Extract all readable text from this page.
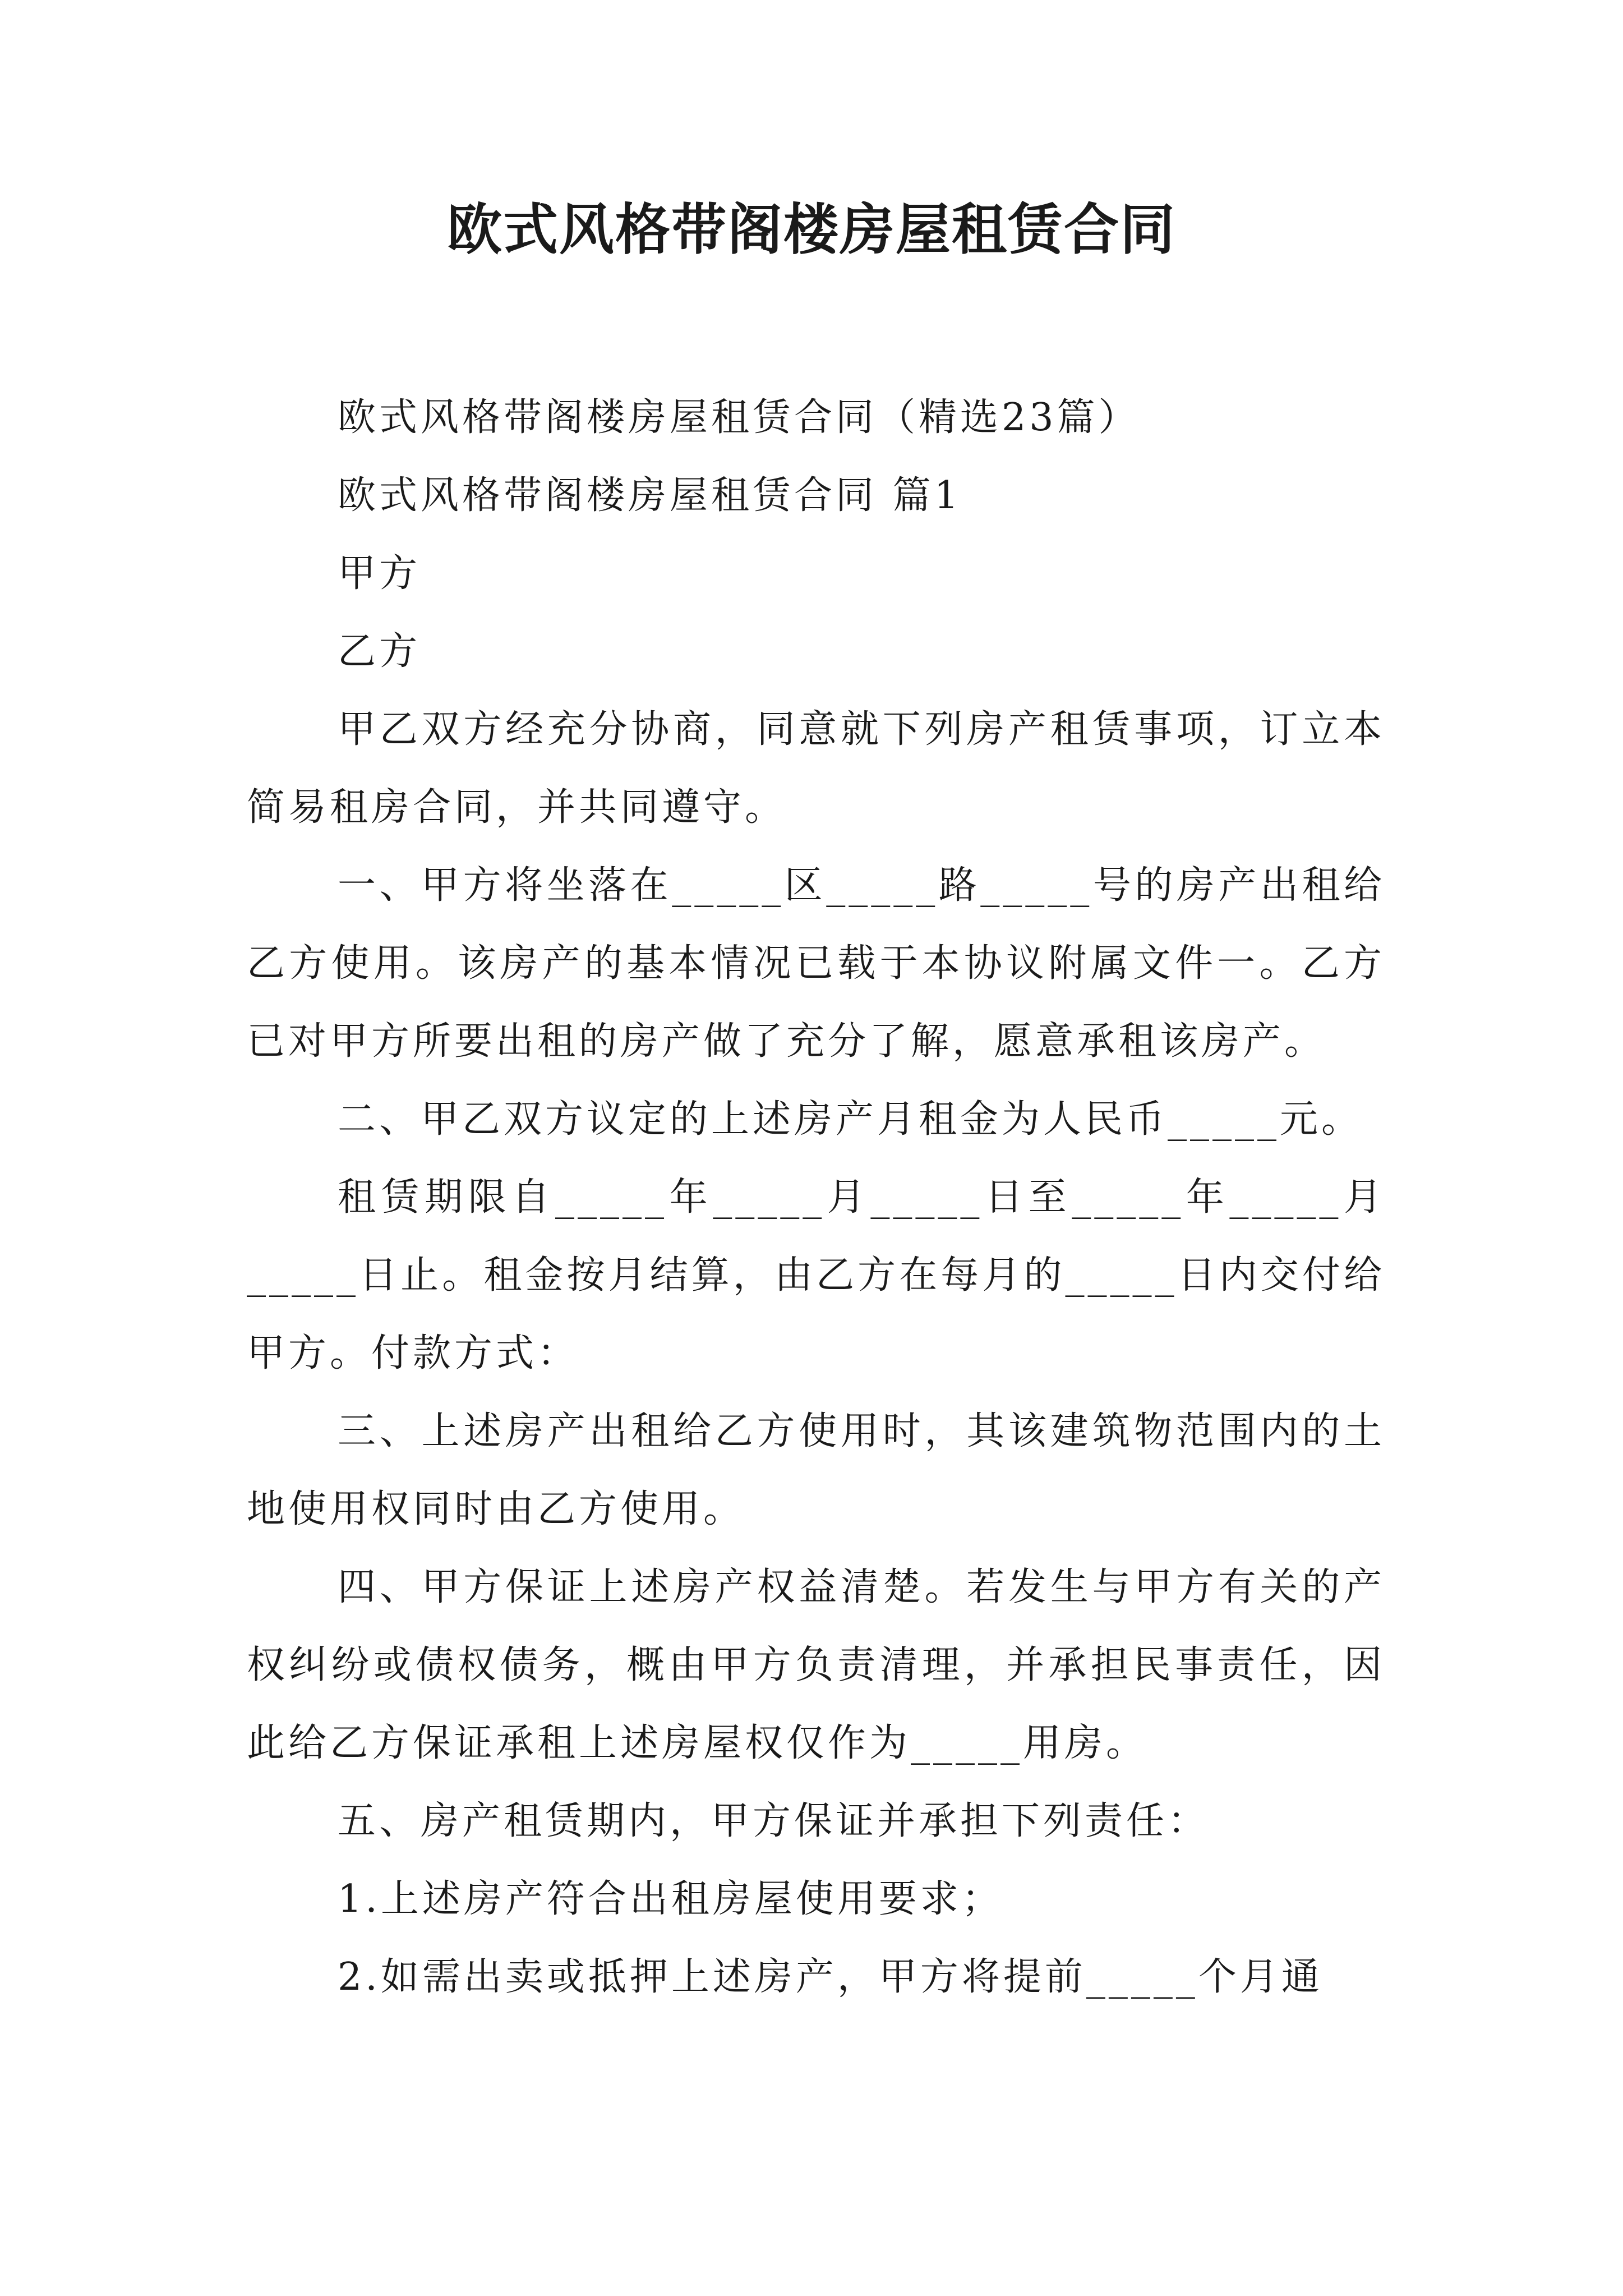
欧式风格带阁楼房屋租赁合同

欧式风格带阁楼房屋租赁合同（精选23篇）

欧式风格带阁楼房屋租赁合同 篇1

甲方

乙方

甲乙双方经充分协商，同意就下列房产租赁事项，订立本简易租房合同，并共同遵守。

一、甲方将坐落在_____区_____路_____号的房产出租给乙方使用。该房产的基本情况已载于本协议附属文件一。乙方已对甲方所要出租的房产做了充分了解，愿意承租该房产。

二、甲乙双方议定的上述房产月租金为人民币_____元。

租赁期限自_____年_____月_____日至_____年_____月_____日止。租金按月结算，由乙方在每月的_____日内交付给甲方。付款方式：

三、上述房产出租给乙方使用时，其该建筑物范围内的土地使用权同时由乙方使用。

四、甲方保证上述房产权益清楚。若发生与甲方有关的产权纠纷或债权债务，概由甲方负责清理，并承担民事责任，因此给乙方保证承租上述房屋权仅作为_____用房。

五、房产租赁期内，甲方保证并承担下列责任：

1.上述房产符合出租房屋使用要求；

2.如需出卖或抵押上述房产，甲方将提前_____个月通
